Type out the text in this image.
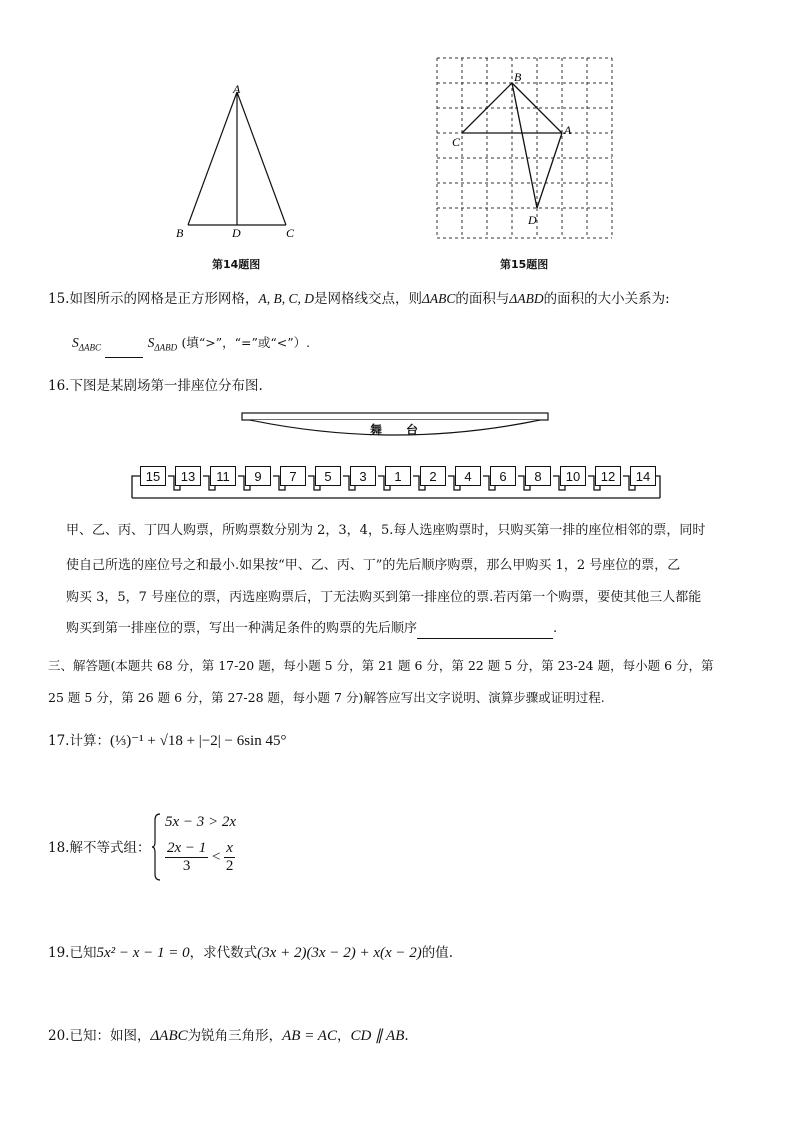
A
B	D	C
第14题图
B
C
A
D
第15题图
15.如图所示的网格是正方形网格，A, B, C, D是网格线交点，则ΔABC的面积与ΔABD的面积的大小关系为:
$S_{\Delta ABC}$	$S_{\Delta ABD}$ (填“>”，“=”或“<”）.
16.下图是某剧场第一排座位分布图.
舞　　台
15	13	11	9	7	5	3	1	2	4	6	8	10	12	14
甲、乙、丙、丁四人购票，所购票数分别为 2，3，4，5.每人选座购票时，只购买第一排的座位相邻的票，同时
使自己所选的座位号之和最小.如果按“甲、乙、丙、丁”的先后顺序购票，那么甲购买 1，2 号座位的票，乙
购买 3，5，7 号座位的票，丙选座购票后，丁无法购买到第一排座位的票.若丙第一个购票，要使其他三人都能
购买到第一排座位的票，写出一种满足条件的购票的先后顺序	.
三、解答题(本题共 68 分，第 17-20 题，每小题 5 分，第 21 题 6 分，第 22 题 5 分，第 23-24 题，每小题 6 分，第
25 题 5 分，第 26 题 6 分，第 27-28 题，每小题 7 分)解答应写出文字说明、演算步骤或证明过程.
17.计算：(⅓)⁻¹ + √18 + |−2| − 6sin 45°
18.解不等式组：
5x − 3 > 2x
$\frac{2x - 1}{3} < \frac{x}{2}$
19.已知5x² − x − 1 = 0，求代数式(3x + 2)(3x − 2) + x(x − 2)的值.
20.已知：如图，ΔABC为锐角三角形，AB = AC，CD ∥ AB.
